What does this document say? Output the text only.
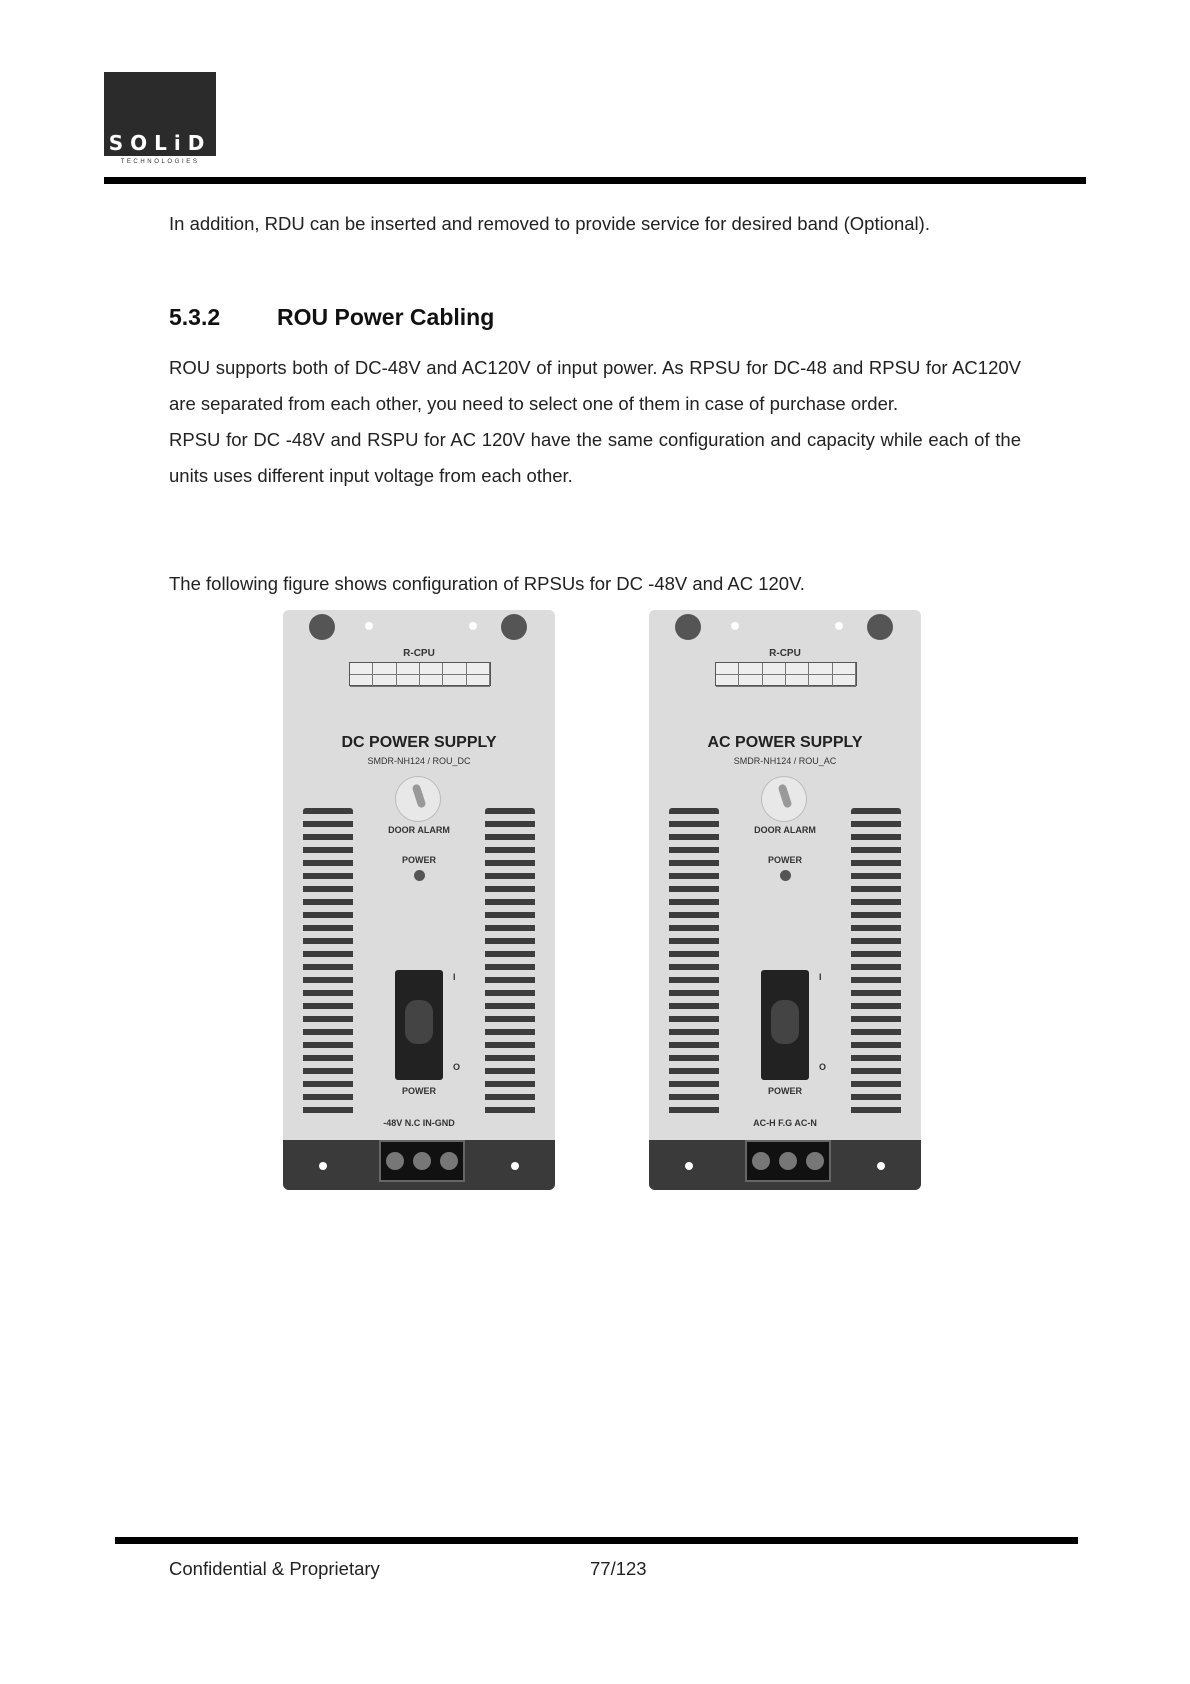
SOLiD
TECHNOLOGIES
In addition, RDU can be inserted and removed to provide service for desired band (Optional).
5.3.2 ROU Power Cabling

ROU supports both of DC-48V and AC120V of input power. As RPSU for DC-48 and RPSU for AC120V are separated from each other, you need to select one of them in case of purchase order.

RPSU for DC -48V and RSPU for AC 120V have the same configuration and capacity while each of the units uses different input voltage from each other.

The following figure shows configuration of RPSUs for DC -48V and AC 120V.
R-CPU
DC POWER SUPPLY
SMDR-NH124 / ROU_DC
DOOR ALARM
POWER
I
O
POWER
-48V N.C IN-GND
R-CPU
AC POWER SUPPLY
SMDR-NH124 / ROU_AC
DOOR ALARM
POWER
I
O
POWER
AC-H F.G AC-N
Confidential & Proprietary	77/123
